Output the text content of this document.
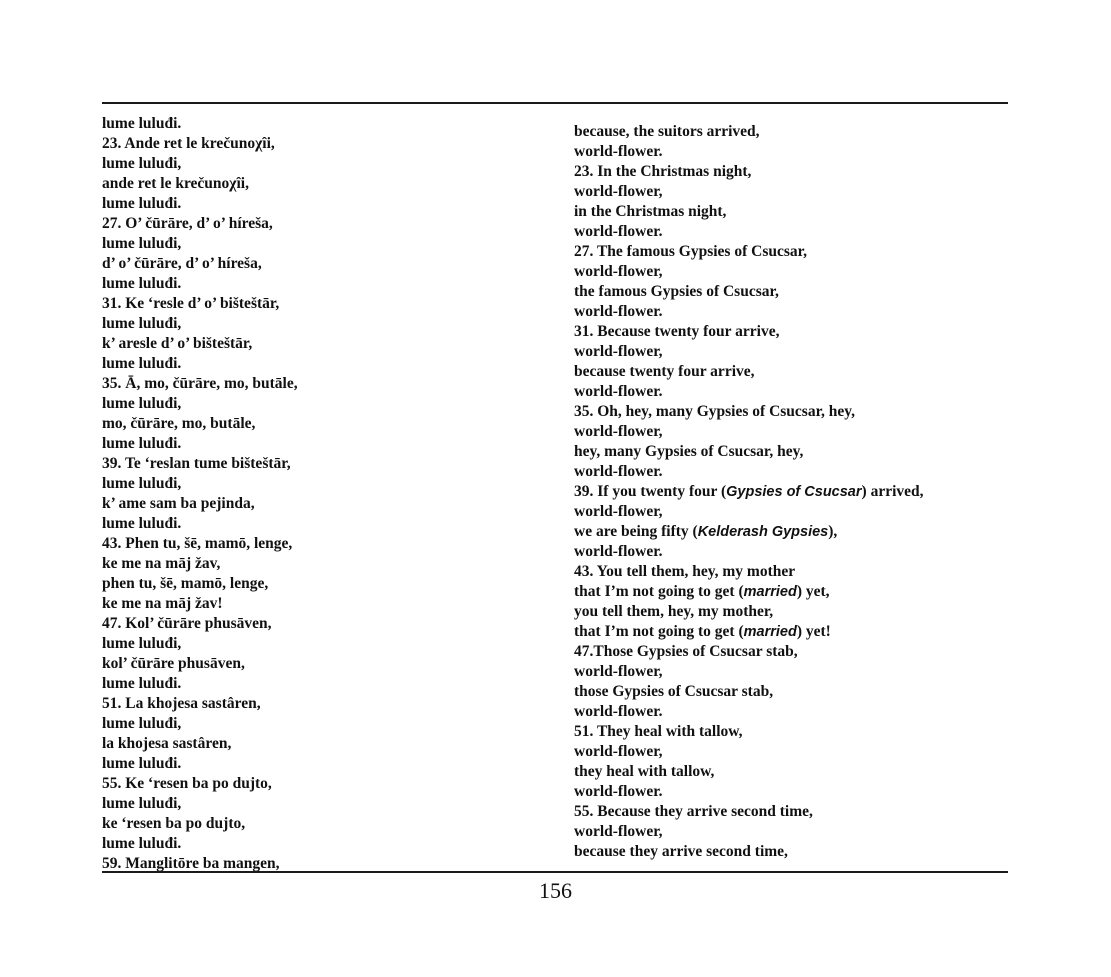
lume luluđi.
23. Ande ret le krečunoχîi,
lume luluđi,
ande ret le krečunoχîi,
lume luluđi.
27. O’ čūrāre, d’ o’ híreša,
lume luluđi,
d’ o’ čūrāre, d’ o’ híreša,
lume luluđi.
31. Ke ‘resle d’ o’ bišteštār,
lume luluđi,
k’ aresle d’ o’ bišteštār,
lume luluđi.
35. Ā, mo, čūrāre, mo, butāle,
lume luluđi,
mo, čūrāre, mo, butāle,
lume luluđi.
39. Te ‘reslan tume bišteštār,
lume luluđi,
k’ ame sam ba pejinda,
lume luluđi.
43. Phen tu, šē, mamō, lenge,
ke me na māj žav,
phen tu, šē, mamō, lenge,
ke me na māj žav!
47. Kol’ čūrāre phusāven,
lume luluđi,
kol’ čūrāre phusāven,
lume luluđi.
51. La khojesa sastâren,
lume luluđi,
la khojesa sastâren,
lume luluđi.
55. Ke ‘resen ba po dujto,
lume luluđi,
ke ‘resen ba po dujto,
lume luluđi.
59. Manglitōre ba mangen,
because, the suitors arrived,
world-flower.
23. In the Christmas night,
world-flower,
in the Christmas night,
world-flower.
27. The famous Gypsies of Csucsar,
world-flower,
the famous Gypsies of Csucsar,
world-flower.
31. Because twenty four arrive,
world-flower,
because twenty four arrive,
world-flower.
35. Oh, hey, many Gypsies of Csucsar, hey,
world-flower,
hey, many Gypsies of Csucsar, hey,
world-flower.
39. If you twenty four (Gypsies of Csucsar) arrived,
world-flower,
we are being fifty (Kelderash Gypsies),
world-flower.
43. You tell them, hey, my mother
that I’m not going to get (married) yet,
you tell them, hey, my mother,
that I’m not going to get (married) yet!
47.Those Gypsies of Csucsar stab,
world-flower,
those Gypsies of Csucsar stab,
world-flower.
51. They heal with tallow,
world-flower,
they heal with tallow,
world-flower.
55. Because they arrive second time,
world-flower,
because they arrive second time,
156
